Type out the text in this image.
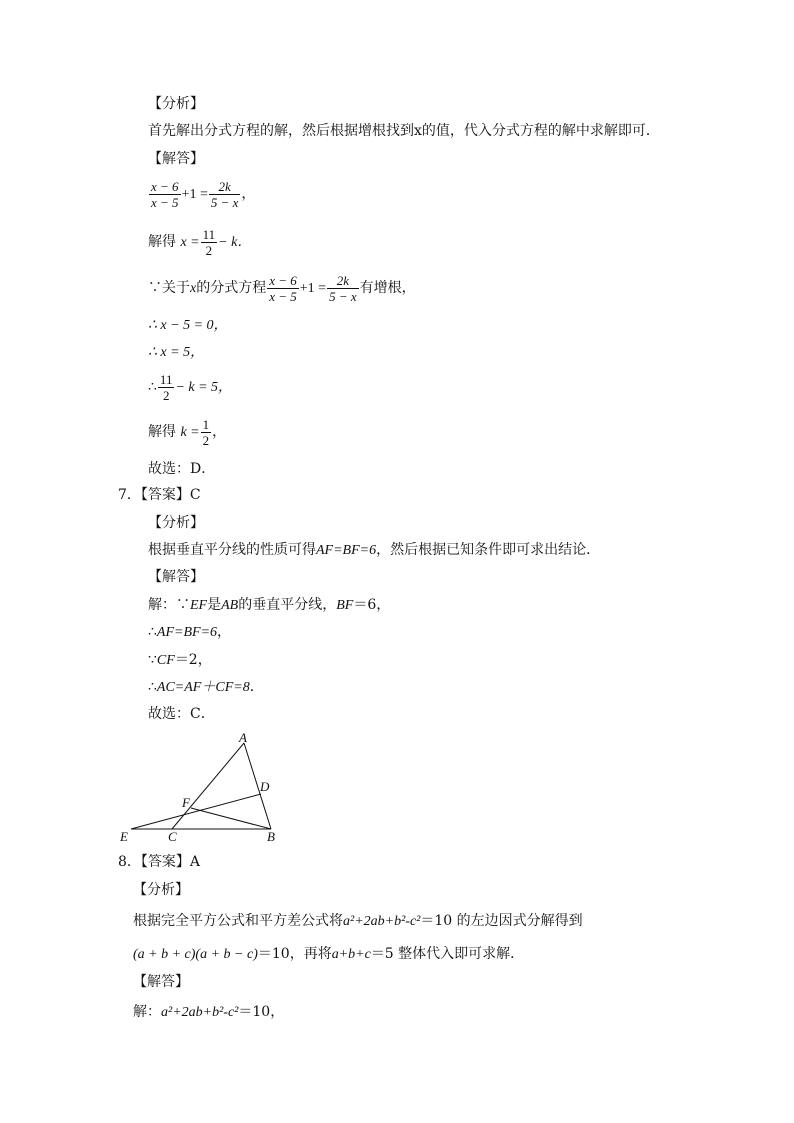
【分析】
首先解出分式方程的解，然后根据增根找到x的值，代入分式方程的解中求解即可．
【解答】
$\frac{x - 6}{x - 5} +1 = \frac{2k}{5 - x}$ ，
解得 $x = \frac{11}{2} - k$．
∵关于x的分式方程 $\frac{x - 6}{x - 5} +1 = \frac{2k}{5 - x}$ 有增根，
∴ x − 5 = 0，
∴ x = 5，
∴ $\frac{11}{2} - k = 5$，
解得 $k = \frac{1}{2}$ ，
故选：D．
7．【答案】C
【分析】
根据垂直平分线的性质可得AF=BF=6，然后根据已知条件即可求出结论．
【解答】
解：∵EF是AB的垂直平分线，BF＝6，
∴AF=BF=6，
∵CF＝2，
∴AC=AF＋CF=8．
故选：C．
A
D
F
E	C	B
8．【答案】A
【分析】
根据完全平方公式和平方差公式将a²+2ab+b²-c²＝10 的左边因式分解得到
(a + b + c)(a + b − c)＝10，再将a+b+c＝5 整体代入即可求解．
【解答】
解：a²+2ab+b²-c²＝10，
